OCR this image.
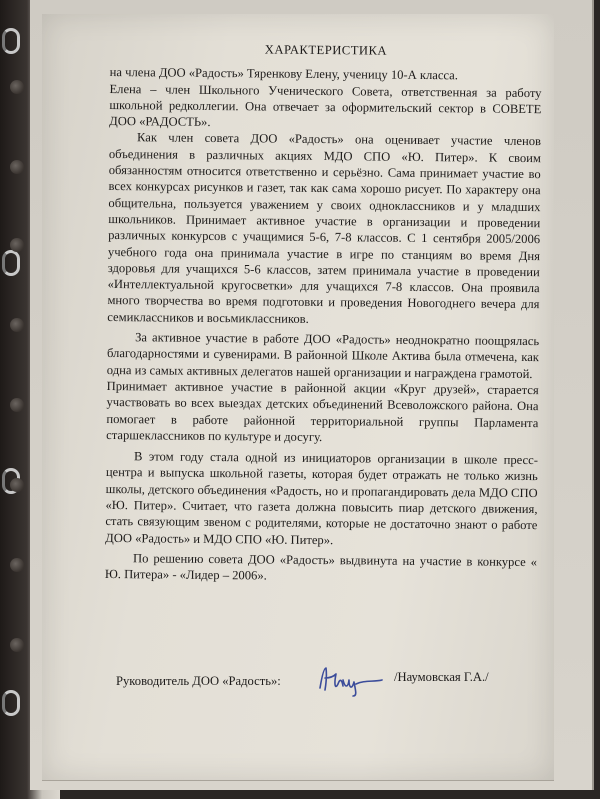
ХАРАКТЕРИСТИКА

на члена ДОО «Радость» Тяренкову Елену, ученицу 10-А класса.

Елена – член Школьного Ученического Совета, ответственная за работу школьной редколлегии. Она отвечает за оформительский сектор в СОВЕТЕ ДОО «РАДОСТЬ».

Как член совета ДОО «Радость» она оценивает участие членов объединения в различных акциях МДО СПО «Ю. Питер». К своим обязанностям относится ответственно и серьёзно. Сама принимает участие во всех конкурсах рисунков и газет, так как сама хорошо рисует. По характеру она общительна, пользуется уважением у своих одноклассников и у младших школьников. Принимает активное участие в организации и проведении различных конкурсов с учащимися 5-6, 7-8 классов. С 1 сентября 2005/2006 учебного года она принимала участие в игре по станциям во время Дня здоровья для учащихся 5-6 классов, затем принимала участие в проведении «Интеллектуальной кругосветки» для учащихся 7-8 классов. Она проявила много творчества во время подготовки и проведения Новогоднего вечера для семиклассников и восьмиклассников.

За активное участие в работе ДОО «Радость» неоднократно поощрялась благодарностями и сувенирами. В районной Школе Актива была отмечена, как одна из самых активных делегатов нашей организации и награждена грамотой.

Принимает активное участие в районной акции «Круг друзей», старается участвовать во всех выездах детских объединений Всеволожского района. Она помогает в работе районной территориальной группы Парламента старшеклассников по культуре и досугу.

В этом году стала одной из инициаторов организации в школе пресс-центра и выпуска школьной газеты, которая будет отражать не только жизнь школы, детского объединения «Радость, но и пропагандировать дела МДО СПО «Ю. Питер». Считает, что газета должна повысить пиар детского движения, стать связующим звеном с родителями, которые не достаточно знают о работе ДОО «Радость» и МДО СПО «Ю. Питер».

По решению совета ДОО «Радость» выдвинута на участие в конкурсе « Ю. Питера» - «Лидер – 2006».

Руководитель ДОО «Радость»:	/Наумовская Г.А./
